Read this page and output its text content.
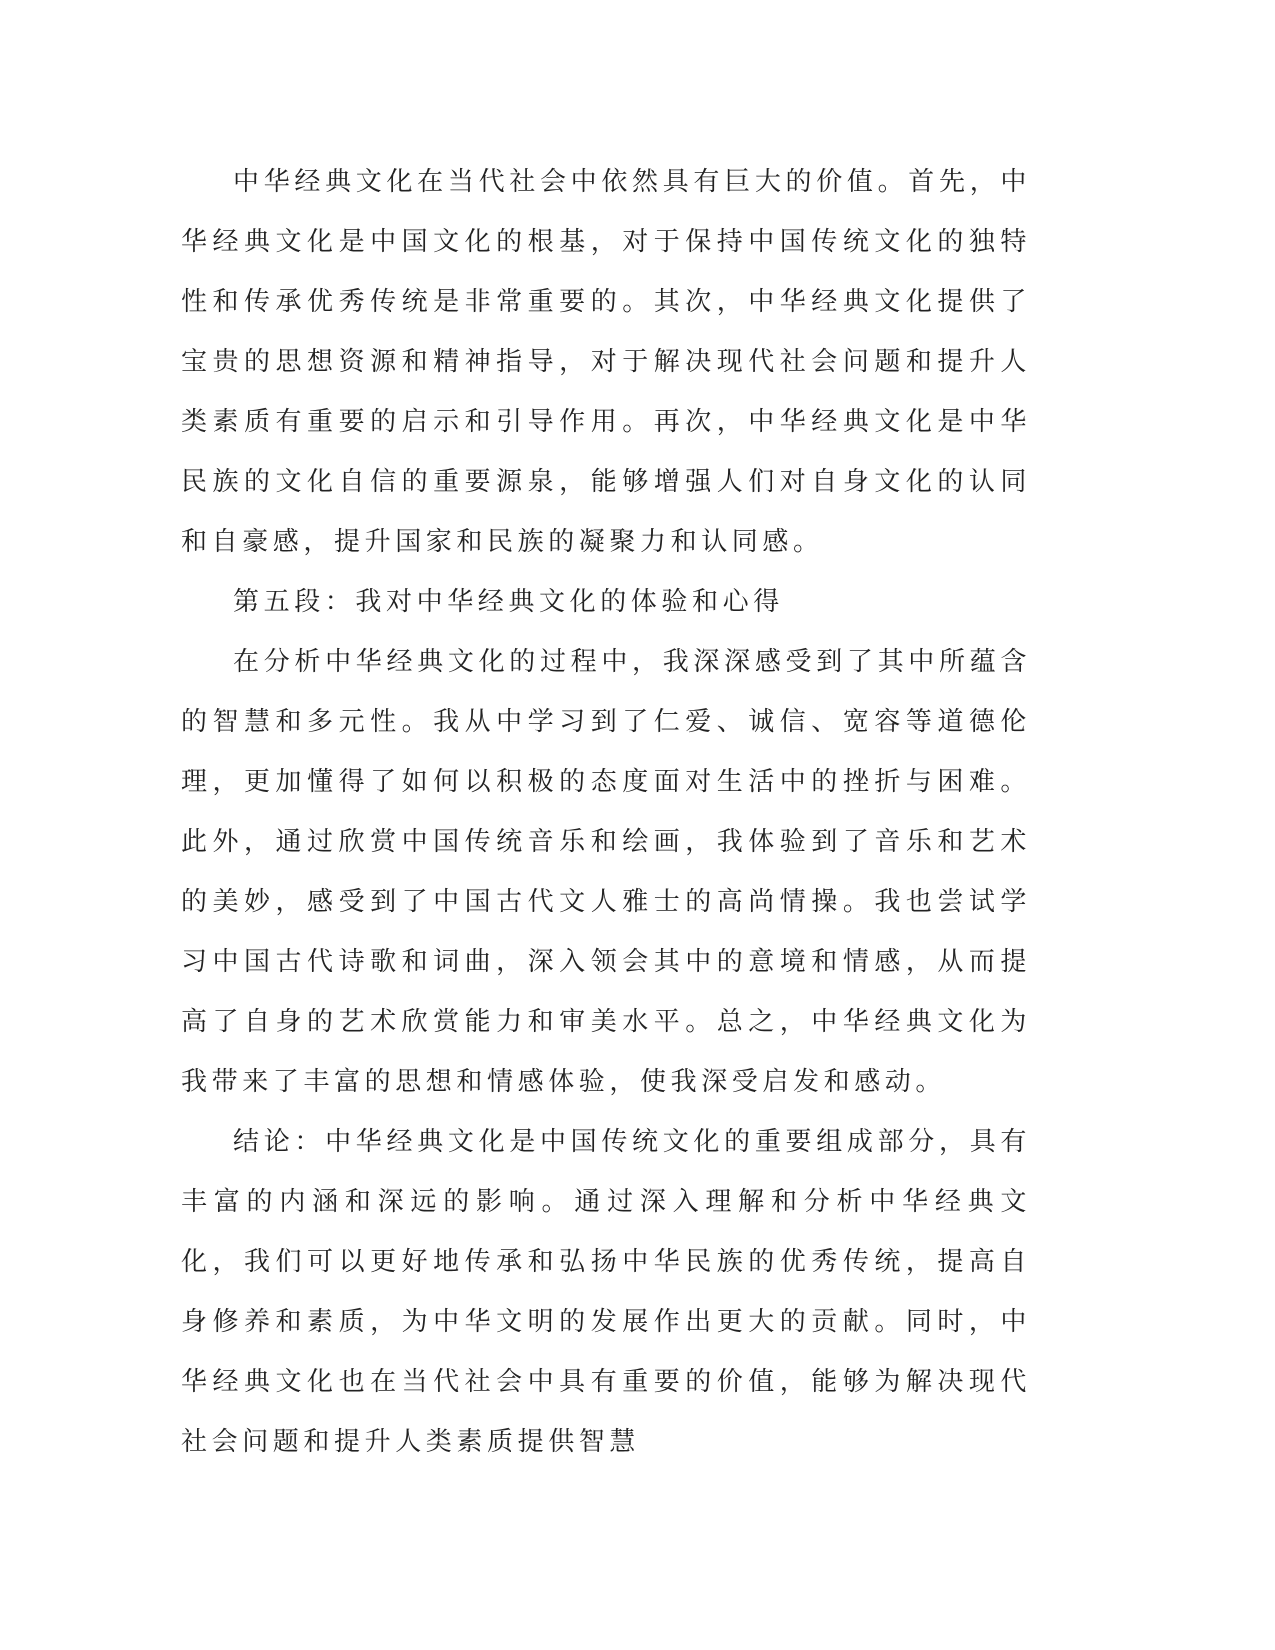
中华经典文化在当代社会中依然具有巨大的价值。首先，中华经典文化是中国文化的根基，对于保持中国传统文化的独特性和传承优秀传统是非常重要的。其次，中华经典文化提供了宝贵的思想资源和精神指导，对于解决现代社会问题和提升人类素质有重要的启示和引导作用。再次，中华经典文化是中华民族的文化自信的重要源泉，能够增强人们对自身文化的认同和自豪感，提升国家和民族的凝聚力和认同感。

第五段：我对中华经典文化的体验和心得

在分析中华经典文化的过程中，我深深感受到了其中所蕴含的智慧和多元性。我从中学习到了仁爱、诚信、宽容等道德伦理，更加懂得了如何以积极的态度面对生活中的挫折与困难。此外，通过欣赏中国传统音乐和绘画，我体验到了音乐和艺术的美妙，感受到了中国古代文人雅士的高尚情操。我也尝试学习中国古代诗歌和词曲，深入领会其中的意境和情感，从而提高了自身的艺术欣赏能力和审美水平。总之，中华经典文化为我带来了丰富的思想和情感体验，使我深受启发和感动。

结论：中华经典文化是中国传统文化的重要组成部分，具有丰富的内涵和深远的影响。通过深入理解和分析中华经典文化，我们可以更好地传承和弘扬中华民族的优秀传统，提高自身修养和素质，为中华文明的发展作出更大的贡献。同时，中华经典文化也在当代社会中具有重要的价值，能够为解决现代社会问题和提升人类素质提供智慧
